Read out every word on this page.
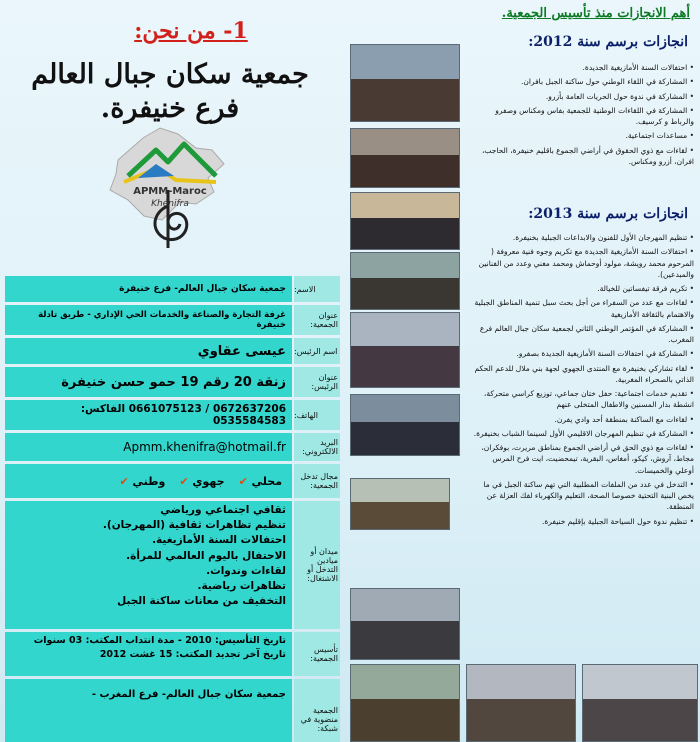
1- من نحن:
جمعية سكان جبال العالم
فرع خنيفرة.
APMM-Maroc
Khénifra
الاسم:
جمعية سكان جبال العالم- فرع خنيفرة
عنوان الجمعية:
غرفة التجارة والصناعة والخدمات الحي الإداري - طريق تادلة خنيفرة
اسم الرئيس:
عيسى عقاوي
عنوان الرئيس:
زنقة 20 رقم 19 حمو حسن خنيفرة
الهاتف:
0672637206 / 0661075123 الفاكس: 0535584583
البريد الالكتروني:
Apmm.khenifra@hotmail.fr
مجال تدخل الجمعية:
محلي ✔
جهوي ✔
وطني ✔
ميدان أو ميادين التدخل أو الاشتغال:
ثقافي اجتماعي ورياضي
تنظيم تظاهرات ثقافية (المهرجان).
احتفالات السنة الأمازيغية.
الاحتفال باليوم العالمي للمرأة.
لقاءات وندوات.
تظاهرات رياضية.
التخفيف من معانات ساكنة الجبل
تأسيس الجمعية:
تاريخ التأسيس: 2010 - مدة انتداب المكتب: 03 سنوات
تاريخ آخر تجديد المكتب: 15 غشت 2012
الجمعية منضوية في شبكة:
جمعية سكان جبال العالم- فرع المغرب -
أهم الانجازات منذ تأسيس الجمعية.
انجازات برسم سنة 2012:
• احتفالات السنة الأمازيغية الجديدة.
• المشاركة في اللقاء الوطني حول ساكنة الجبل بافران.
• المشاركة في ندوة حول الحريات العامة بأزرو.
• المشاركة في اللقاءات الوطنية للجمعية بفاس ومكناس وصفرو والرباط و كرسيف.
• مساعدات اجتماعية.
• لقاءات مع ذوي الحقوق في أراضي الجموع باقليم خنيفرة، الحاجب، افران، أزرو ومكناس.
انجازات برسم سنة 2013:
• تنظيم المهرجان الأول للفنون والابداعات الجبلية بخنيفرة.
• احتفالات السنة الأمازيغية الجديدة مع تكريم وجوه فنية معروفة ( المرحوم محمد رويشة، مولود أوحماش ومحمد مغني وعدد من الفنانين والمبدعين).
• تكريم فرقة تيفساتين للخيالة.
• لقاءات مع عدد من السفراء من أجل بحث سبل تنمية المناطق الجبلية والاهتمام بالثقافة الأمازيغية
• المشاركة في المؤتمر الوطني الثاني لجمعية سكان جبال العالم فرع المغرب.
• المشاركة في احتفالات السنة الأمازيغية الجديدة بصفرو.
• لقاء تشاركي بخنيفرة مع المنتدى الجهوي لجهة بني ملال للدعم الحكم الذاتي بالصحراء المغربية.
• تقديم خدمات اجتماعية: حفل ختان جماعي، توزيع كراسي متحركة، انشطة بدار المسنين والاطفال المتخلى عنهم
• لقاءات مع الساكنة بمنطقة أحد وادي يفرن.
• المشاركة في تنظيم المهرجان الاقليمي الأول لسينما الشباب بخنيفرة.
• لقاءات مع ذوي الحق في أراضي الجموع بمناطق مريرت، بوفكران، مجاط، آروش، كيكو، أمغاس، البقرية، تيمحضيت، ايت فرح المرس أوعلي والخميسات.
• التدخل في عدد من الملفات المطلبية التي تهم ساكنة الجبل في ما يخص البنية التحتية خصوصا الصحة، التعليم والكهرباء لفك العزلة عن المنطقة.
• تنظيم ندوة حول السياحة الجبلية بإقليم خنيفرة.
